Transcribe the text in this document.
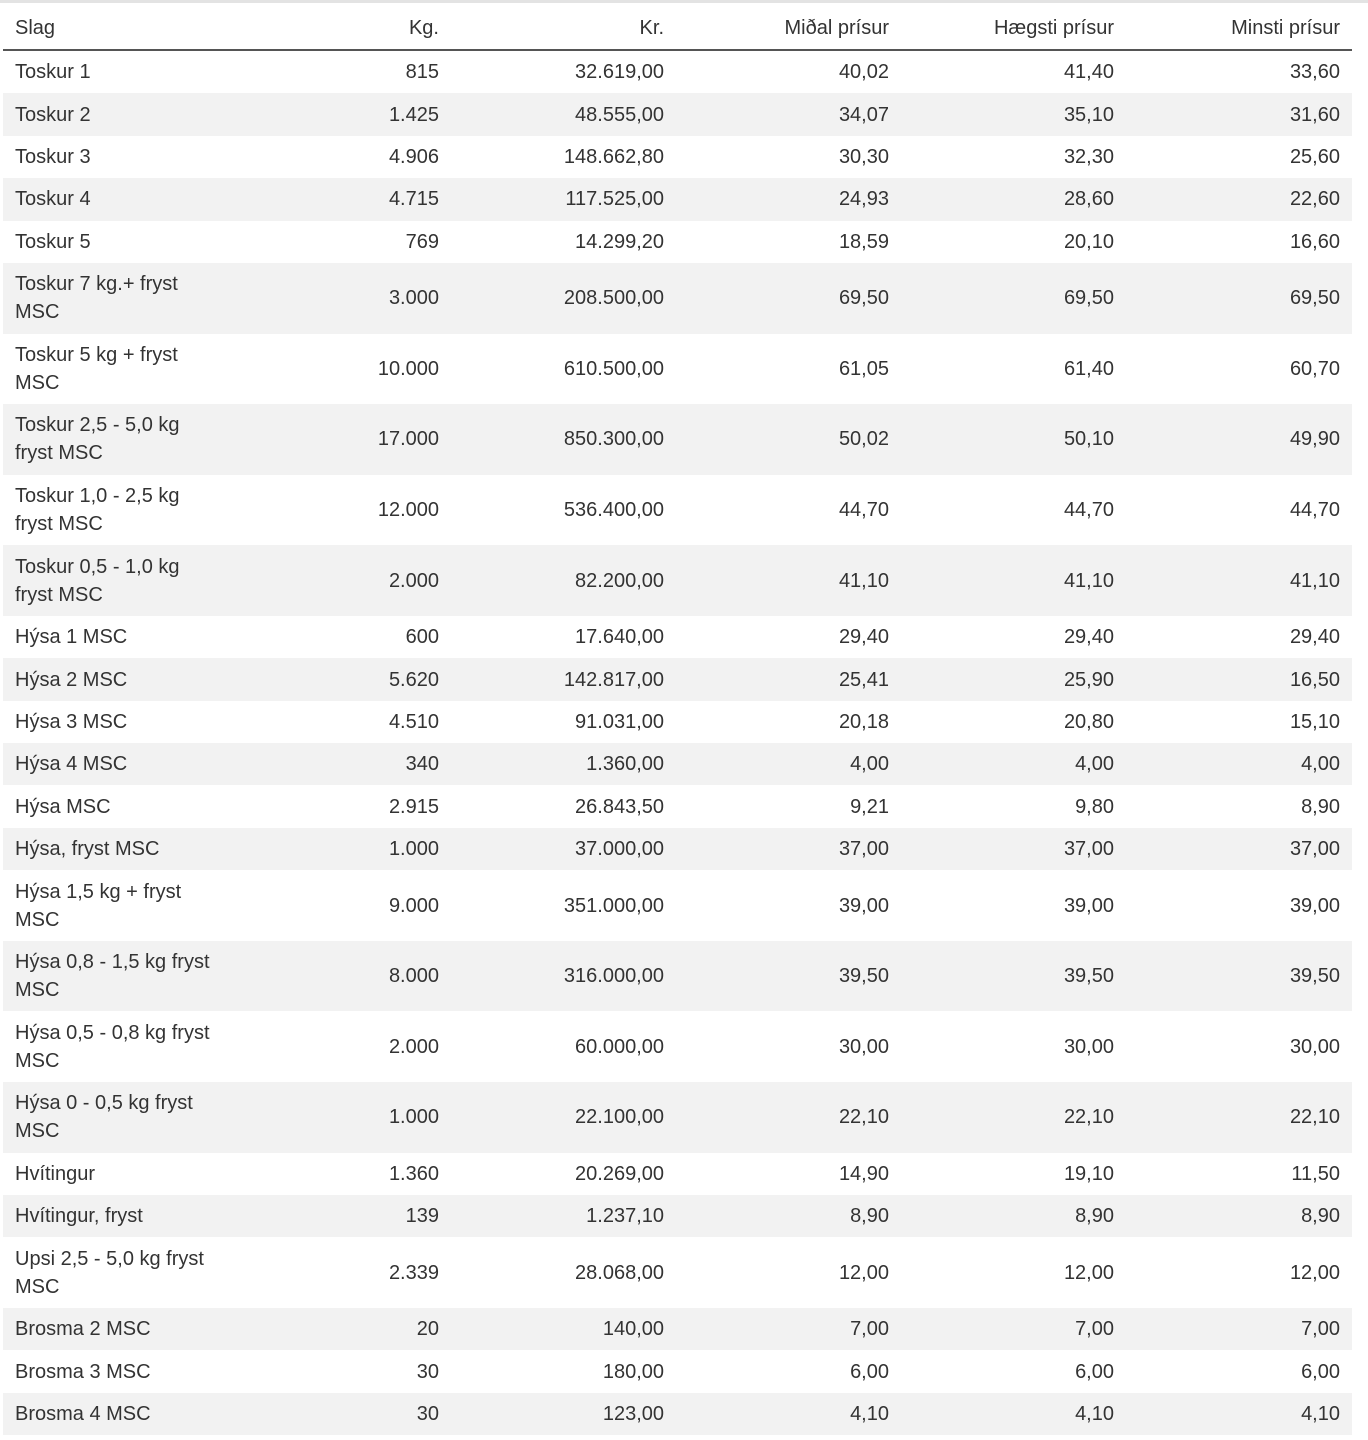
Slag	Kg.	Kr.	Miðal prísur	Hægsti prísur	Minsti prísur
Toskur 1	815	32.619,00	40,02	41,40	33,60
Toskur 2	1.425	48.555,00	34,07	35,10	31,60
Toskur 3	4.906	148.662,80	30,30	32,30	25,60
Toskur 4	4.715	117.525,00	24,93	28,60	22,60
Toskur 5	769	14.299,20	18,59	20,10	16,60
Toskur 7 kg.+ fryst MSC	3.000	208.500,00	69,50	69,50	69,50
Toskur 5 kg + fryst MSC	10.000	610.500,00	61,05	61,40	60,70
Toskur 2,5 - 5,0 kg fryst MSC	17.000	850.300,00	50,02	50,10	49,90
Toskur 1,0 - 2,5 kg fryst MSC	12.000	536.400,00	44,70	44,70	44,70
Toskur 0,5 - 1,0 kg fryst MSC	2.000	82.200,00	41,10	41,10	41,10
Hýsa 1 MSC	600	17.640,00	29,40	29,40	29,40
Hýsa 2 MSC	5.620	142.817,00	25,41	25,90	16,50
Hýsa 3 MSC	4.510	91.031,00	20,18	20,80	15,10
Hýsa 4 MSC	340	1.360,00	4,00	4,00	4,00
Hýsa MSC	2.915	26.843,50	9,21	9,80	8,90
Hýsa, fryst MSC	1.000	37.000,00	37,00	37,00	37,00
Hýsa 1,5 kg + fryst MSC	9.000	351.000,00	39,00	39,00	39,00
Hýsa 0,8 - 1,5 kg fryst MSC	8.000	316.000,00	39,50	39,50	39,50
Hýsa 0,5 - 0,8 kg fryst MSC	2.000	60.000,00	30,00	30,00	30,00
Hýsa 0 - 0,5 kg fryst MSC	1.000	22.100,00	22,10	22,10	22,10
Hvítingur	1.360	20.269,00	14,90	19,10	11,50
Hvítingur, fryst	139	1.237,10	8,90	8,90	8,90
Upsi 2,5 - 5,0 kg fryst MSC	2.339	28.068,00	12,00	12,00	12,00
Brosma 2 MSC	20	140,00	7,00	7,00	7,00
Brosma 3 MSC	30	180,00	6,00	6,00	6,00
Brosma 4 MSC	30	123,00	4,10	4,10	4,10
